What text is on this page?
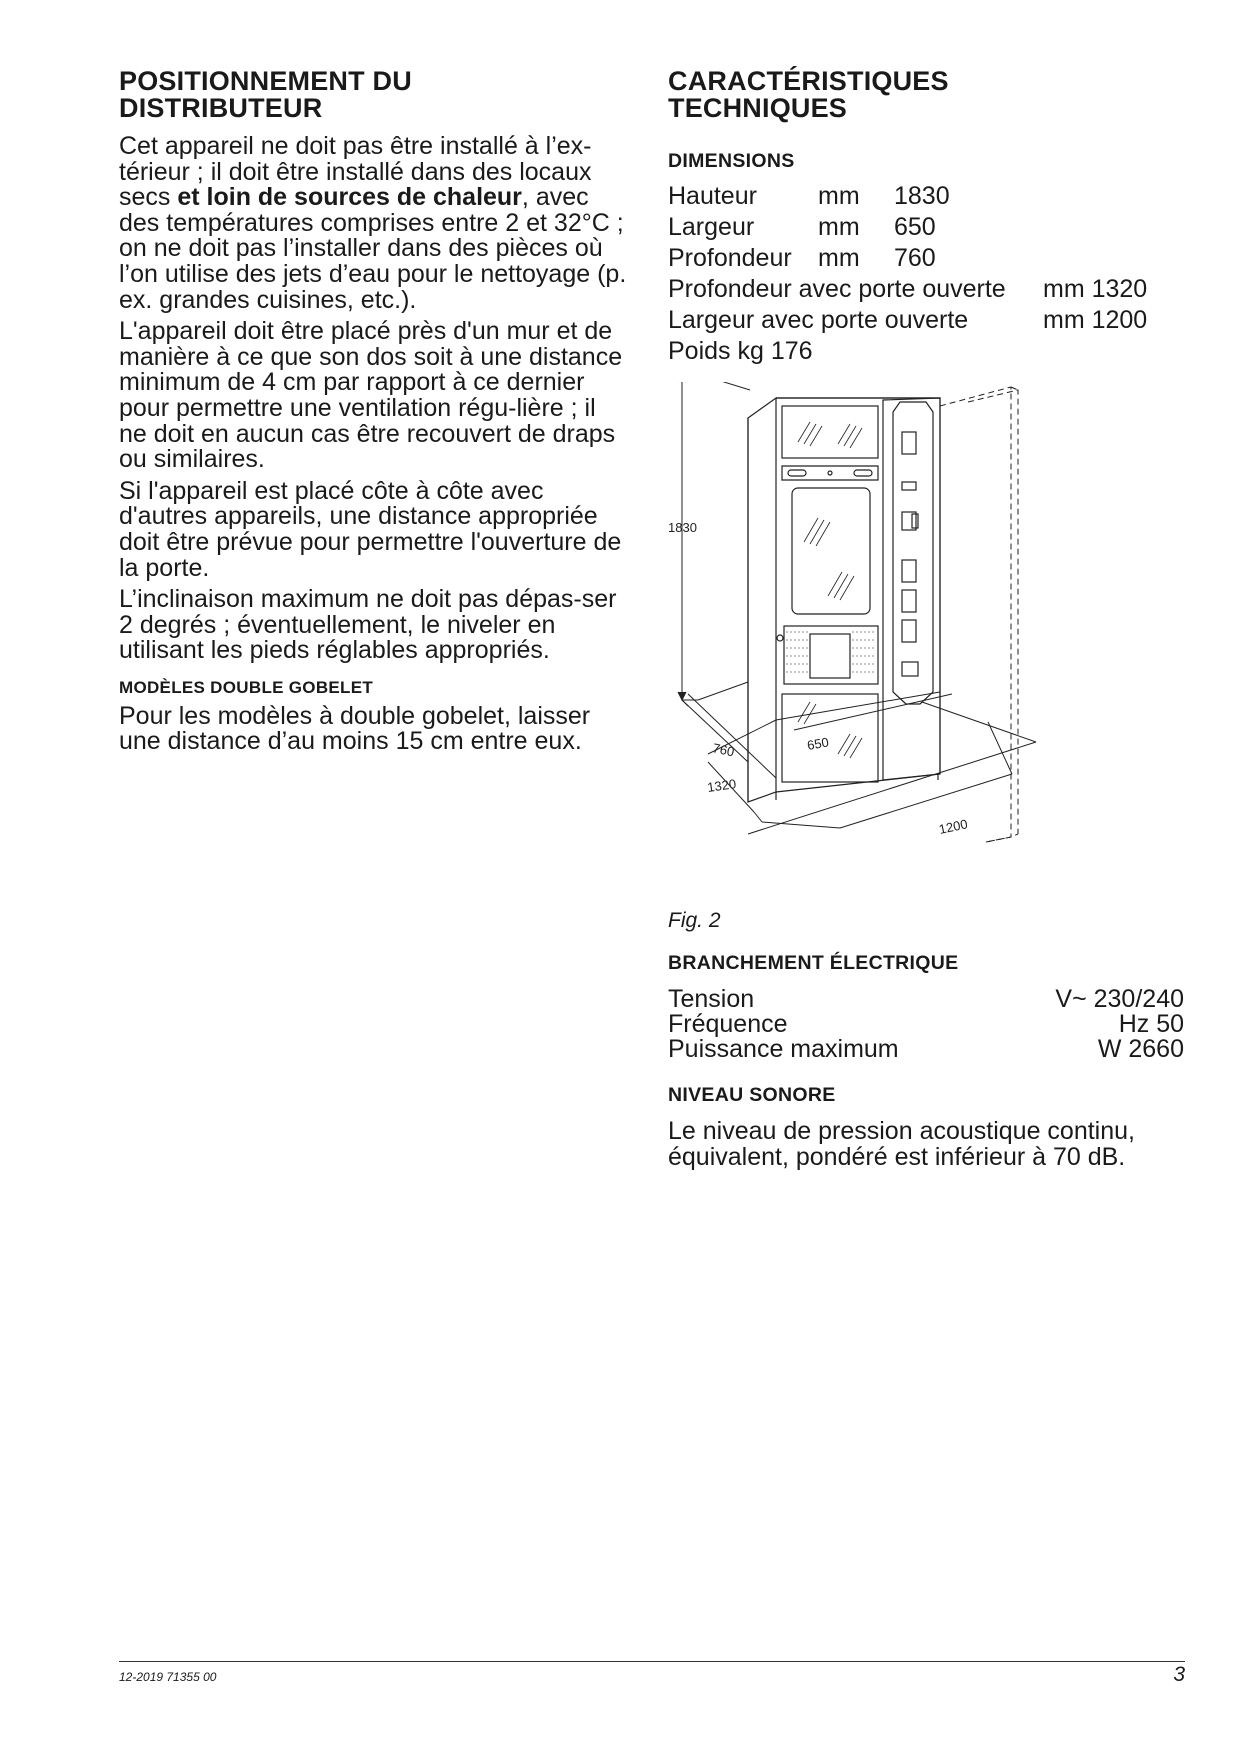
POSITIONNEMENT DU
DISTRIBUTEUR

Cet appareil ne doit pas être installé à l’ex-térieur ; il doit être installé dans des locaux secs et loin de sources de chaleur, avec des températures comprises entre 2 et 32°C ; on ne doit pas l’installer dans des pièces où l’on utilise des jets d’eau pour le nettoyage (p. ex. grandes cuisines, etc.).

L'appareil doit être placé près d'un mur et de manière à ce que son dos soit à une distance minimum de 4 cm par rapport à ce dernier pour permettre une ventilation régu-lière ; il ne doit en aucun cas être recouvert de draps ou similaires.

Si l'appareil est placé côte à côte avec d'autres appareils, une distance appropriée doit être prévue pour permettre l'ouverture de la porte.

L’inclinaison maximum ne doit pas dépas-ser 2 degrés ; éventuellement, le niveler en utilisant les pieds réglables appropriés.

MODÈLES DOUBLE GOBELET

Pour les modèles à double gobelet, laisser une distance d’au moins 15 cm entre eux.

CARACTÉRISTIQUES
TECHNIQUES
DIMENSIONS
Hauteur mm 1830
Largeur	mm 650
Profondeur mm 760
Profondeur avec porte ouverte mm 1320
Largeur avec porte ouverte	mm 1200
Poids kg 176
1830
760
1320
650
1200
Fig. 2
BRANCHEMENT ÉLECTRIQUE
Tension	V~ 230/240
Fréquence	Hz 50
Puissance maximum	W 2660
NIVEAU SONORE

Le niveau de pression acoustique continu, équivalent, pondéré est inférieur à 70 dB.

12-2019 71355 00	3
